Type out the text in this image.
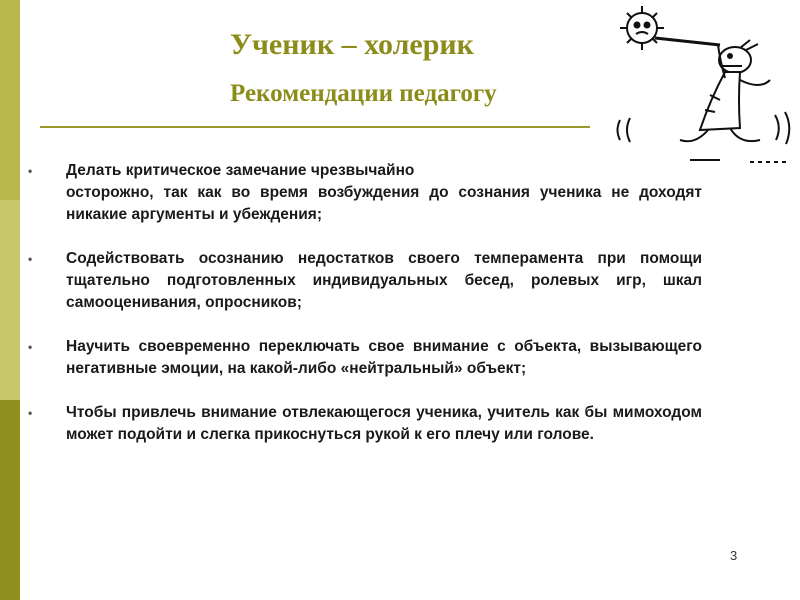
Ученик – холерик
Рекомендации педагогу
• Делать критическое замечание чрезвычайно
осторожно, так как во время возбуждения до сознания ученика не доходят никакие аргументы и убеждения;

• Содействовать осознанию недостатков своего темперамента при помощи тщательно подготовленных индивидуальных бесед, ролевых игр, шкал самооценивания, опросников;

• Научить своевременно переключать свое внимание с объекта, вызывающего негативные эмоции, на какой-либо «нейтральный» объект;

• Чтобы привлечь внимание отвлекающегося ученика, учитель как бы мимоходом может подойти и слегка прикоснуться рукой к его плечу или голове.

3
